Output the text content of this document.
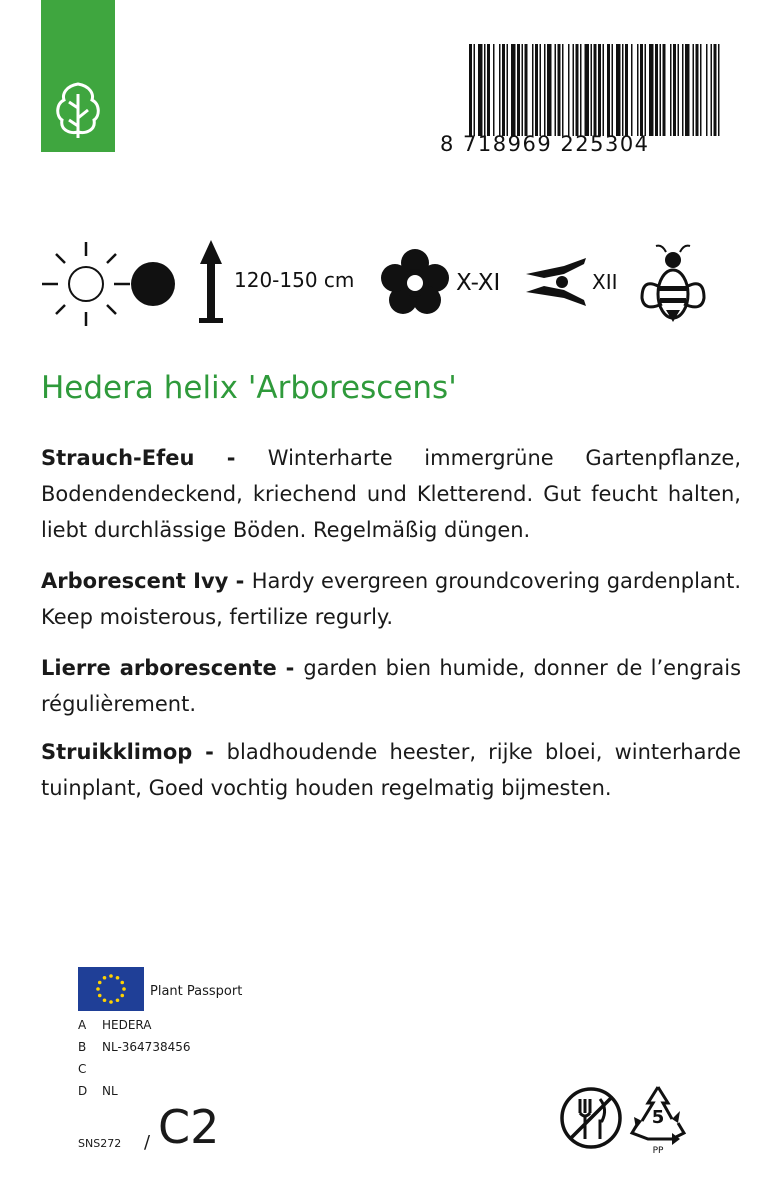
8 718969 225304
120-150 cm	X-XI	XII
Hedera helix 'Arborescens'
Strauch-Efeu - Winterharte immergrüne Gartenpflanze, Bodendendeckend, kriechend und Kletterend. Gut feucht halten, liebt durchlässige Böden. Regelmäßig düngen.
Arborescent Ivy - Hardy evergreen groundcovering gardenplant. Keep moisterous, fertilize regurly.
Lierre arborescente - garden bien humide, donner de l’engrais régulièrement.
Struikklimop - bladhoudende heester, rijke bloei, winterharde tuinplant, Goed vochtig houden regelmatig bijmesten.
Plant Passport
A HEDERA
B NL-364738456
C
D NL
SNS272 / C2	5
PP
